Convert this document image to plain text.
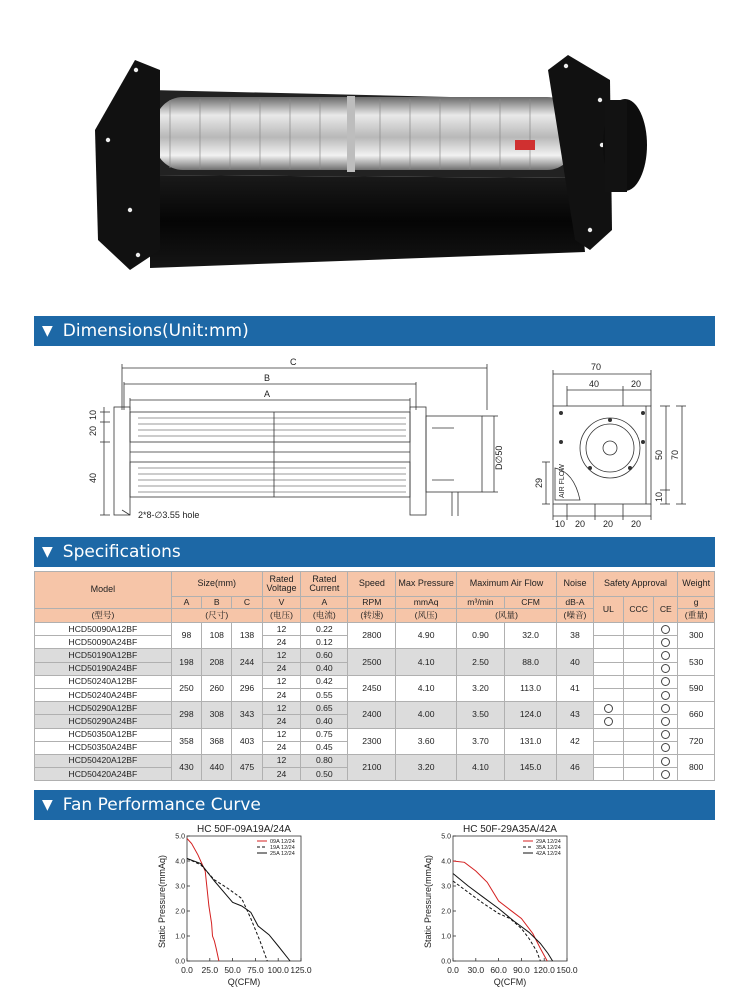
▼ Dimensions(Unit:mm)
C
B
A
10
20
40
D∅50
2*8-∅3.55 hole
70
40	20
70
50
29
10
10 20 20 20
AIR FLOW
▼ Specifications
Model	Size(mm)			Rated Voltage	Rated Current	Speed	Max Pressure	Maximum Air Flow		Noise	Safety Approval			Weight
	A	B	C	V	A	RPM	mmAq	m³/min	CFM	dB-A	UL	CCC	CE	g
(型号)	(尺寸)			(电压)	(电流)	(转速)	(风压)	(风量)		(噪音)				(重量)
HCD50090A12BF	98	108	138	12	0.22	2800	4.90	0.90	32.0	38				300
HCD50090A24BF				24	0.12									
HCD50190A12BF	198	208	244	12	0.60	2500	4.10	2.50	88.0	40				530
HCD50190A24BF				24	0.40									
HCD50240A12BF	250	260	296	12	0.42	2450	4.10	3.20	113.0	41				590
HCD50240A24BF				24	0.55									
HCD50290A12BF	298	308	343	12	0.65	2400	4.00	3.50	124.0	43				660
HCD50290A24BF				24	0.40									
HCD50350A12BF	358	368	403	12	0.75	2300	3.60	3.70	131.0	42				720
HCD50350A24BF				24	0.45									
HCD50420A12BF	430	440	475	12	0.80	2100	3.20	4.10	145.0	46				800
HCD50420A24BF				24	0.50									
▼ Fan Performance Curve
HC 50F-09A19A/24A
0.0
1.0
2.0
3.0
4.0
5.0
0.0 25.0 50.0 75.0 100.0 125.0
Q(CFM)
Static Pressure(mmAq)
09A 12/24
19A 12/24
25A 12/24
HC 50F-29A35A/42A
0.0
1.0
2.0
3.0
4.0
5.0
0.0 30.0 60.0 90.0 120.0 150.0
Q(CFM)
Static Pressure(mmAq)
29A 12/24
35A 12/24
42A 12/24
